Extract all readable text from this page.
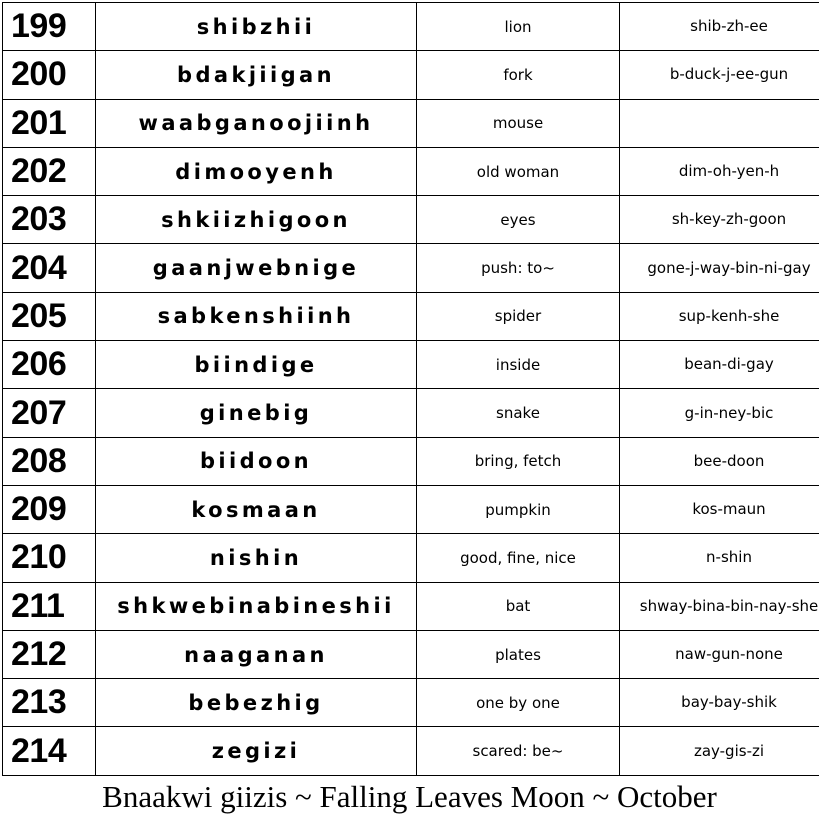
199	shibzhii	lion	shib-zh-ee
200	bdakjiigan	fork	b-duck-j-ee-gun
201	waabganoojiinh	mouse	
202	dimooyenh	old woman	dim-oh-yen-h
203	shkiizhigoon	eyes	sh-key-zh-goon
204	gaanjwebnige	push: to~	gone-j-way-bin-ni-gay
205	sabkenshiinh	spider	sup-kenh-she
206	biindige	inside	bean-di-gay
207	ginebig	snake	g-in-ney-bic
208	biidoon	bring, fetch	bee-doon
209	kosmaan	pumpkin	kos-maun
210	nishin	good, fine, nice	n-shin
211	shkwebinabineshii	bat	shway-bina-bin-nay-she
212	naaganan	plates	naw-gun-none
213	bebezhig	one by one	bay-bay-shik
214	zegizi	scared: be~	zay-gis-zi
Bnaakwi giizis ~ Falling Leaves Moon ~ October
